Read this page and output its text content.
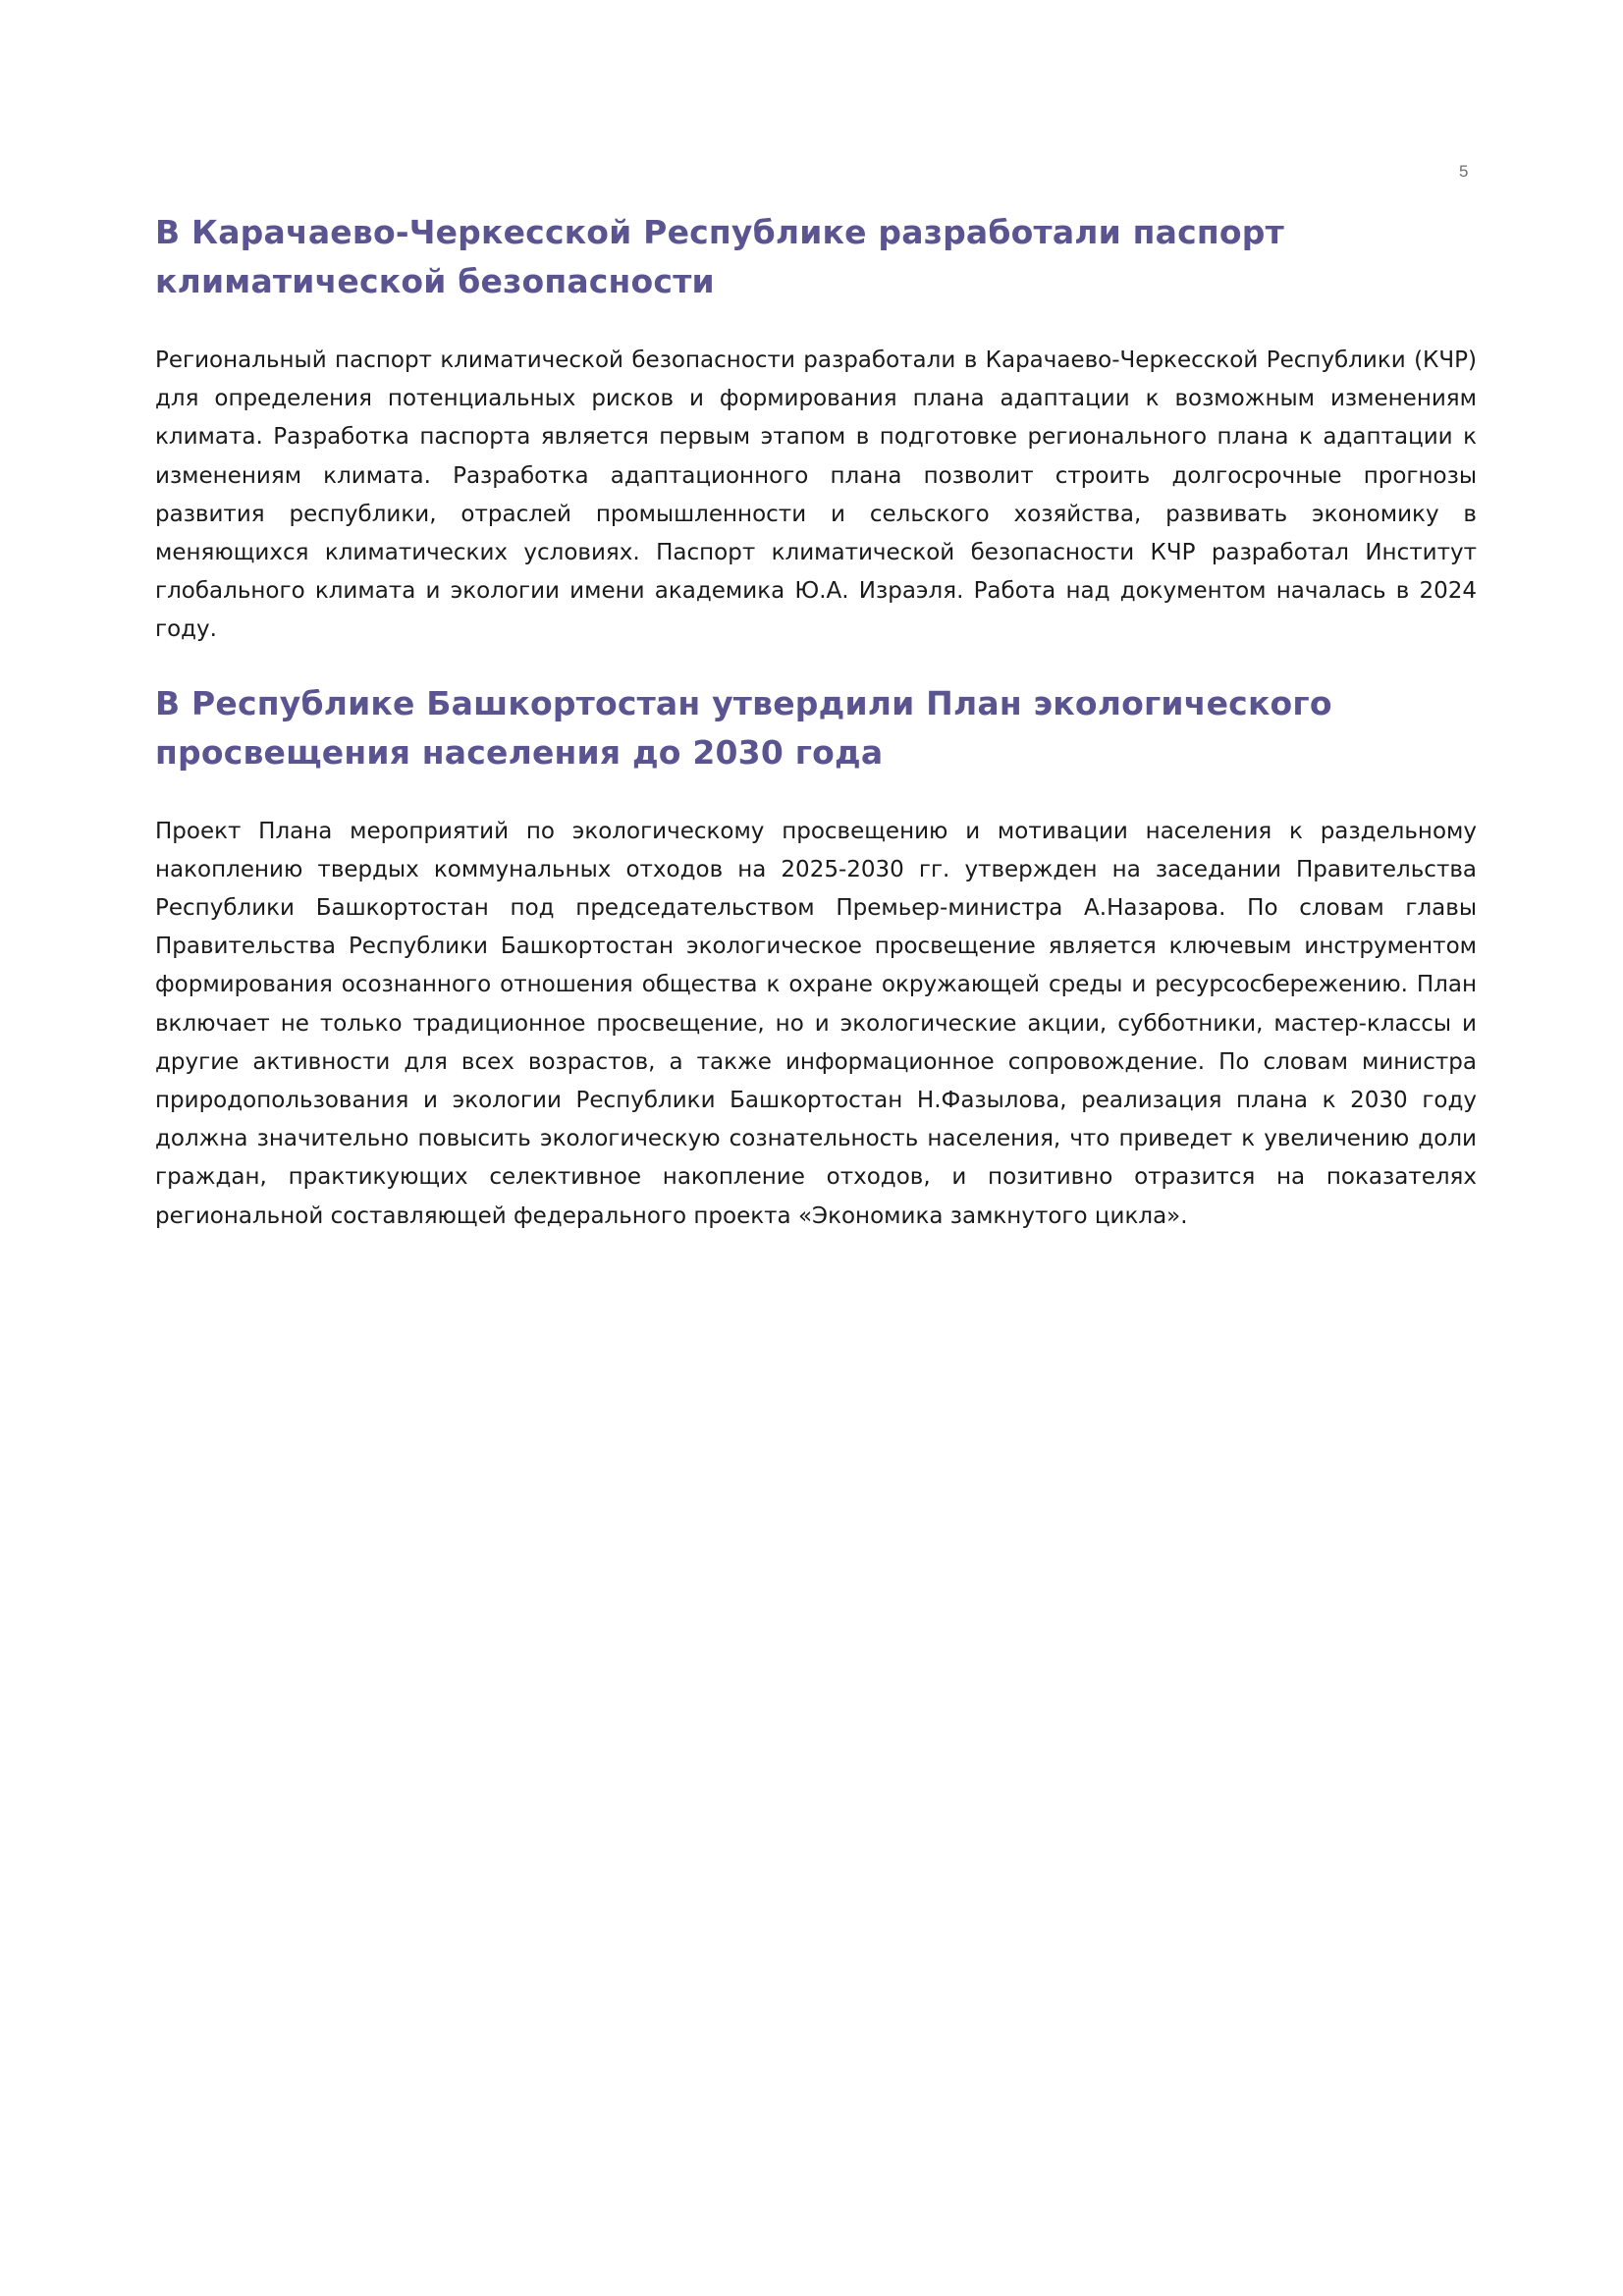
5
В Карачаево-Черкесской Республике разработали паспорт
климатической безопасности

Региональный паспорт климатической безопасности разработали в Карачаево-Черкесской Республики (КЧР) для определения потенциальных рисков и формирования плана адаптации к возможным изменениям климата. Разработка паспорта является первым этапом в подготовке регионального плана к адаптации к изменениям климата. Разработка адаптационного плана позволит строить долгосрочные прогнозы развития республики, отраслей промышленности и сельского хозяйства, развивать экономику в меняющихся климатических условиях. Паспорт климатической безопасности КЧР разработал Институт глобального климата и экологии имени академика Ю.А. Израэля. Работа над документом началась в 2024 году.

В Республике Башкортостан утвердили План экологического
просвещения населения до 2030 года

Проект Плана мероприятий по экологическому просвещению и мотивации населения к раздельному накоплению твердых коммунальных отходов на 2025-2030 гг. утвержден на заседании Правительства Республики Башкортостан под председательством Премьер-министра А.Назарова. По словам главы Правительства Республики Башкортостан экологическое просвещение является ключевым инструментом формирования осознанного отношения общества к охране окружающей среды и ресурсосбережению. План включает не только традиционное просвещение, но и экологические акции, субботники, мастер-классы и другие активности для всех возрастов, а также информационное сопровождение. По словам министра природопользования и экологии Республики Башкортостан Н.Фазылова, реализация плана к 2030 году должна значительно повысить экологическую сознательность населения, что приведет к увеличению доли граждан, практикующих селективное накопление отходов, и позитивно отразится на показателях региональной составляющей федерального проекта «Экономика замкнутого цикла».
